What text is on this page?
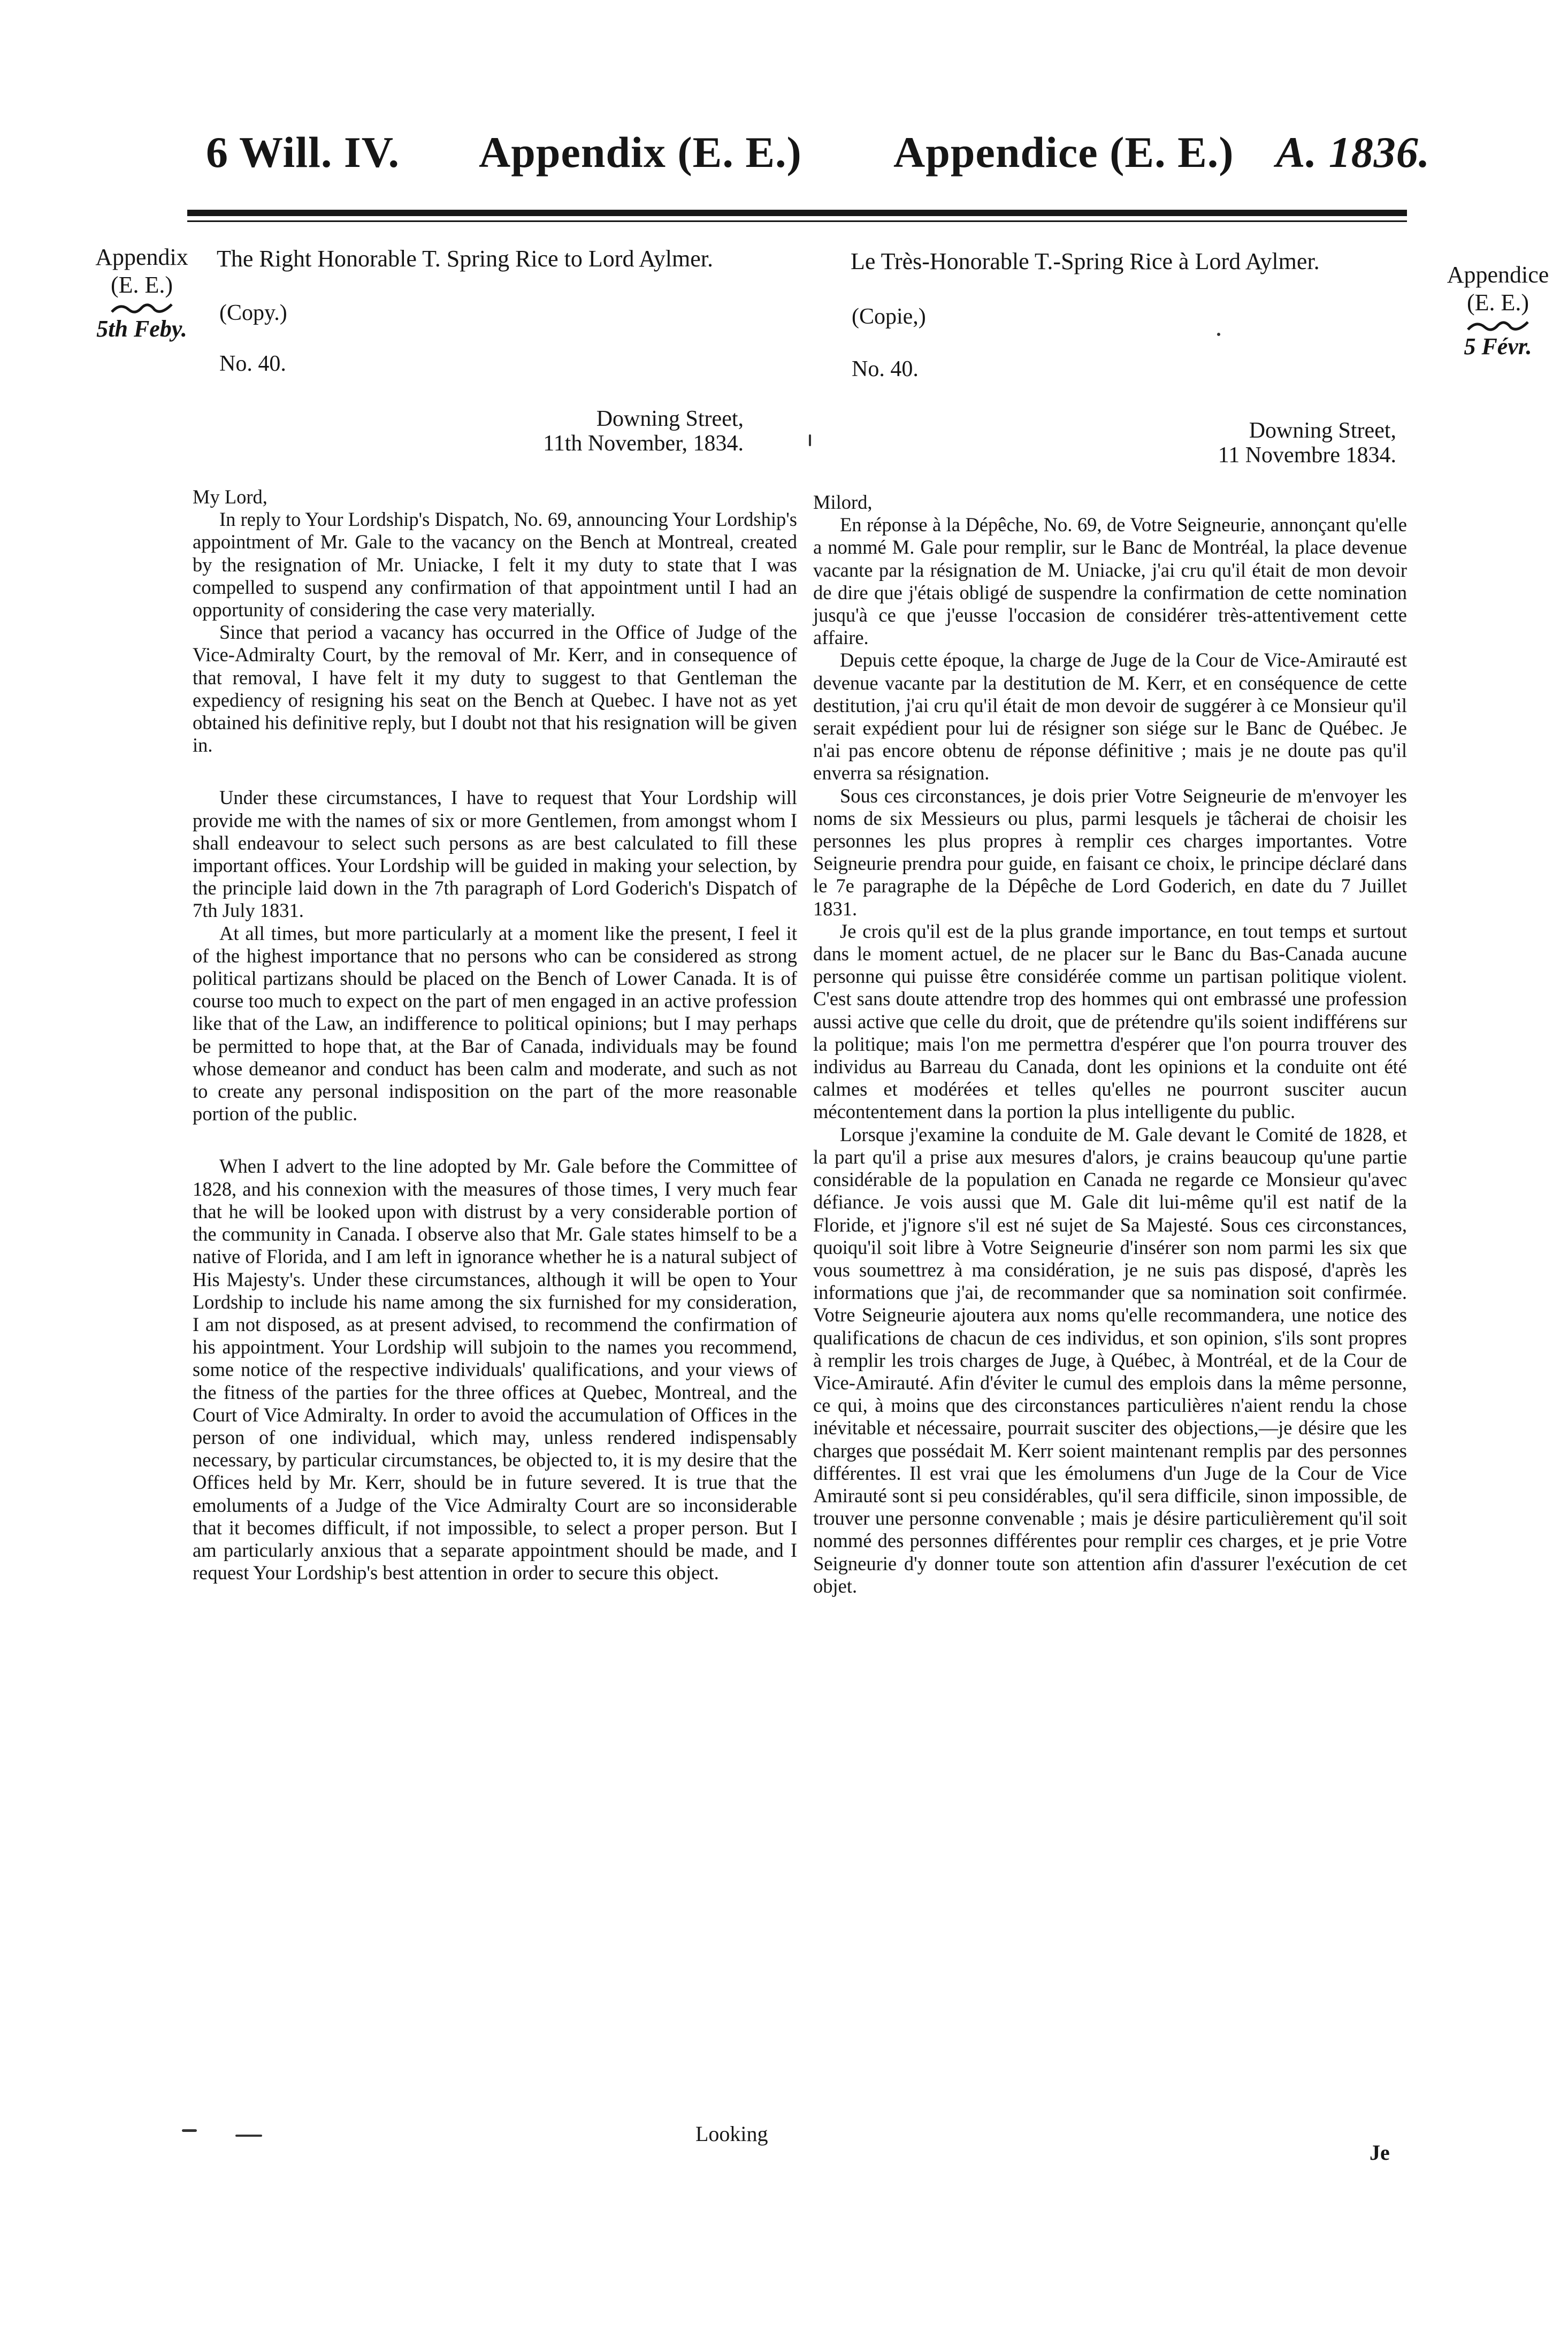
6 Will. IV. Appendix (E. E.) Appendice (E. E.) A. 1836.
Appendix
(E. E.)
5th Feby.
Appendice
(E. E.)
5 Févr.
The Right Honorable T. Spring Rice to Lord Aylmer.
(Copy.)
No. 40.
Downing Street,
11th November, 1834.
Le Très-Honorable T.-Spring Rice à Lord Aylmer.
(Copie,)
No. 40.
Downing Street,
11 Novembre 1834.
My Lord,

In reply to Your Lordship's Dispatch, No. 69, announcing Your Lordship's appointment of Mr. Gale to the vacancy on the Bench at Montreal, created by the resignation of Mr. Uniacke, I felt it my duty to state that I was compelled to suspend any confirmation of that appointment until I had an opportunity of considering the case very materially.

Since that period a vacancy has occurred in the Office of Judge of the Vice-Admiralty Court, by the removal of Mr. Kerr, and in consequence of that removal, I have felt it my duty to suggest to that Gentleman the expediency of resigning his seat on the Bench at Quebec. I have not as yet obtained his definitive reply, but I doubt not that his resignation will be given in.

Under these circumstances, I have to request that Your Lordship will provide me with the names of six or more Gentlemen, from amongst whom I shall endeavour to select such persons as are best calculated to fill these important offices. Your Lordship will be guided in making your selection, by the principle laid down in the 7th paragraph of Lord Goderich's Dispatch of 7th July 1831.

At all times, but more particularly at a moment like the present, I feel it of the highest importance that no persons who can be considered as strong political partizans should be placed on the Bench of Lower Canada. It is of course too much to expect on the part of men engaged in an active profession like that of the Law, an indifference to political opinions; but I may perhaps be permitted to hope that, at the Bar of Canada, individuals may be found whose demeanor and conduct has been calm and moderate, and such as not to create any personal indisposition on the part of the more reasonable portion of the public.

When I advert to the line adopted by Mr. Gale before the Committee of 1828, and his connexion with the measures of those times, I very much fear that he will be looked upon with distrust by a very considerable portion of the community in Canada. I observe also that Mr. Gale states himself to be a native of Florida, and I am left in ignorance whether he is a natural subject of His Majesty's. Under these circumstances, although it will be open to Your Lordship to include his name among the six furnished for my consideration, I am not disposed, as at present advised, to recommend the confirmation of his appointment. Your Lordship will subjoin to the names you recommend, some notice of the respective individuals' qualifications, and your views of the fitness of the parties for the three offices at Quebec, Montreal, and the Court of Vice Admiralty. In order to avoid the accumulation of Offices in the person of one individual, which may, unless rendered indispensably necessary, by particular circumstances, be objected to, it is my desire that the Offices held by Mr. Kerr, should be in future severed. It is true that the emoluments of a Judge of the Vice Admiralty Court are so inconsiderable that it becomes difficult, if not impossible, to select a proper person. But I am particularly anxious that a separate appointment should be made, and I request Your Lordship's best attention in order to secure this object.

Milord,

En réponse à la Dépêche, No. 69, de Votre Seigneurie, annonçant qu'elle a nommé M. Gale pour remplir, sur le Banc de Montréal, la place devenue vacante par la résignation de M. Uniacke, j'ai cru qu'il était de mon devoir de dire que j'étais obligé de suspendre la confirmation de cette nomination jusqu'à ce que j'eusse l'occasion de considérer très-attentivement cette affaire.

Depuis cette époque, la charge de Juge de la Cour de Vice-Amirauté est devenue vacante par la destitution de M. Kerr, et en conséquence de cette destitution, j'ai cru qu'il était de mon devoir de suggérer à ce Monsieur qu'il serait expédient pour lui de résigner son siége sur le Banc de Québec. Je n'ai pas encore obtenu de réponse définitive ; mais je ne doute pas qu'il enverra sa résignation.

Sous ces circonstances, je dois prier Votre Seigneurie de m'envoyer les noms de six Messieurs ou plus, parmi lesquels je tâcherai de choisir les personnes les plus propres à remplir ces charges importantes. Votre Seigneurie prendra pour guide, en faisant ce choix, le principe déclaré dans le 7e paragraphe de la Dépêche de Lord Goderich, en date du 7 Juillet 1831.

Je crois qu'il est de la plus grande importance, en tout temps et surtout dans le moment actuel, de ne placer sur le Banc du Bas-Canada aucune personne qui puisse être considérée comme un partisan politique violent. C'est sans doute attendre trop des hommes qui ont embrassé une profession aussi active que celle du droit, que de prétendre qu'ils soient indifférens sur la politique; mais l'on me permettra d'espérer que l'on pourra trouver des individus au Barreau du Canada, dont les opinions et la conduite ont été calmes et modérées et telles qu'elles ne pourront susciter aucun mécontentement dans la portion la plus intelligente du public.

Lorsque j'examine la conduite de M. Gale devant le Comité de 1828, et la part qu'il a prise aux mesures d'alors, je crains beaucoup qu'une partie considérable de la population en Canada ne regarde ce Monsieur qu'avec défiance. Je vois aussi que M. Gale dit lui-même qu'il est natif de la Floride, et j'ignore s'il est né sujet de Sa Majesté. Sous ces circonstances, quoiqu'il soit libre à Votre Seigneurie d'insérer son nom parmi les six que vous soumettrez à ma considération, je ne suis pas disposé, d'après les informations que j'ai, de recommander que sa nomination soit confirmée. Votre Seigneurie ajoutera aux noms qu'elle recommandera, une notice des qualifications de chacun de ces individus, et son opinion, s'ils sont propres à remplir les trois charges de Juge, à Québec, à Montréal, et de la Cour de Vice-Amirauté. Afin d'éviter le cumul des emplois dans la même personne, ce qui, à moins que des circonstances particulières n'aient rendu la chose inévitable et nécessaire, pourrait susciter des objections,—je désire que les charges que possédait M. Kerr soient maintenant remplis par des personnes différentes. Il est vrai que les émolumens d'un Juge de la Cour de Vice Amirauté sont si peu considérables, qu'il sera difficile, sinon impossible, de trouver une personne convenable ; mais je désire particulièrement qu'il soit nommé des personnes différentes pour remplir ces charges, et je prie Votre Seigneurie d'y donner toute son attention afin d'assurer l'exécution de cet objet.

Looking
Je
